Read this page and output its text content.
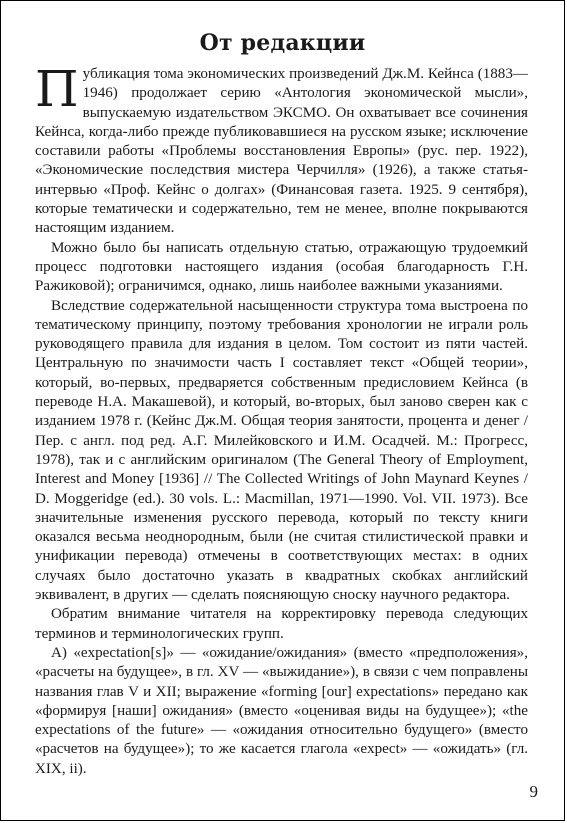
От редакции

Публикация тома экономических произведений Дж.М. Кейнса (1883—1946) продолжает серию «Антология экономической мысли», выпускаемую издательством ЭКСМО. Он охватывает все сочинения Кейнса, когда-либо прежде публиковавшиеся на русском языке; исключение составили работы «Проблемы восстановления Европы» (рус. пер. 1922), «Экономические последствия мистера Черчилля» (1926), а также статья-интервью «Проф. Кейнс о долгах» (Финансовая газета. 1925. 9 сентября), которые тематически и содержательно, тем не менее, вполне покрываются настоящим изданием.

Можно было бы написать отдельную статью, отражающую трудоемкий процесс подготовки настоящего издания (особая благодарность Г.Н. Ражиковой); ограничимся, однако, лишь наиболее важными указаниями.

Вследствие содержательной насыщенности структура тома выстроена по тематическому принципу, поэтому требования хронологии не играли роль руководящего правила для издания в целом. Том состоит из пяти частей. Центральную по значимости часть I составляет текст «Общей теории», который, во-первых, предваряется собственным предисловием Кейнса (в переводе Н.А. Макашевой), и который, во-вторых, был заново сверен как с изданием 1978 г. (Кейнс Дж.М. Общая теория занятости, процента и денег / Пер. с англ. под ред. А.Г. Милейковского и И.М. Осадчей. М.: Прогресс, 1978), так и с английским оригиналом (The General Theory of Employment, Interest and Money [1936] // The Collected Writings of John Maynard Keynes / D. Moggeridge (ed.). 30 vols. L.: Macmillan, 1971—1990. Vol. VII. 1973). Все значительные изменения русского перевода, который по тексту книги оказался весьма неоднородным, были (не считая стилистической правки и унификации перевода) отмечены в соответствующих местах: в одних случаях было достаточно указать в квадратных скобках английский эквивалент, в других — сделать поясняющую сноску научного редактора.

Обратим внимание читателя на корректировку перевода следующих терминов и терминологических групп.

А) «expectation[s]» — «ожидание/ожидания» (вместо «предположения», «расчеты на будущее», в гл. XV — «выжидание»), в связи с чем поправлены названия глав V и XII; выражение «forming [our] expectations» передано как «формируя [наши] ожидания» (вместо «оценивая виды на будущее»); «the expectations of the future» — «ожидания относительно будущего» (вместо «расчетов на будущее»); то же касается глагола «expect» — «ожидать» (гл. XIX, ii).

9
